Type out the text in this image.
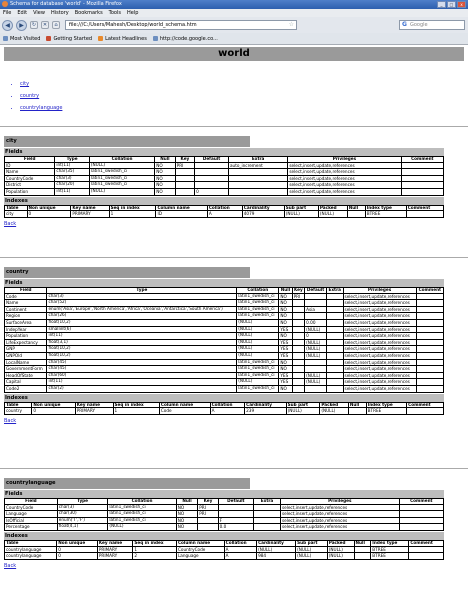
Schema for database 'world' - Mozilla Firefox	_	□	x
File Edit View History Bookmarks Tools Help
◀	▶	↻	✕	⌂	file:///C:/Users/Mahesh/Desktop/world_schema.htm	☆	G Google
Most Visited	Getting Started	Latest Headlines	http://code.google.co...
world
• city
• country
• countrylanguage
city
Fields
Field	Type	Collation	Null	Key	Default	Extra	Privileges	Comment
ID	int(11)	(NULL)	NO	PRI		auto_increment	select,insert,update,references	
Name	char(35)	latin1_swedish_ci	NO				select,insert,update,references	
CountryCode	char(3)	latin1_swedish_ci	NO				select,insert,update,references	
District	char(20)	latin1_swedish_ci	NO				select,insert,update,references	
Population	int(11)	(NULL)	NO		0		select,insert,update,references	
Indexes
Table	Non unique	Key name	Seq in index	Column name	Collation	Cardinality	Sub part	Packed	Null	Index type	Comment
city	0	PRIMARY	1	ID	A	4079	(NULL)	(NULL)		BTREE	
Back
country
Fields
Field	Type	Collation	Null	Key	Default	Extra	Privileges	Comment
Code	char(3)	latin1_swedish_ci	NO	PRI			select,insert,update,references	
Name	char(52)	latin1_swedish_ci	NO				select,insert,update,references	
Continent	enum('Asia','Europe','North America','Africa','Oceania','Antarctica','South America')	latin1_swedish_ci	NO		Asia		select,insert,update,references	
Region	char(26)	latin1_swedish_ci	NO				select,insert,update,references	
SurfaceArea	float(10,2)	(NULL)	NO		0.00		select,insert,update,references	
IndepYear	smallint(6)	(NULL)	YES		(NULL)		select,insert,update,references	
Population	int(11)	(NULL)	NO		0		select,insert,update,references	
LifeExpectancy	float(3,1)	(NULL)	YES		(NULL)		select,insert,update,references	
GNP	float(10,2)	(NULL)	YES		(NULL)		select,insert,update,references	
GNPOld	float(10,2)	(NULL)	YES		(NULL)		select,insert,update,references	
LocalName	char(45)	latin1_swedish_ci	NO				select,insert,update,references	
GovernmentForm	char(45)	latin1_swedish_ci	NO				select,insert,update,references	
HeadOfState	char(60)	latin1_swedish_ci	YES		(NULL)		select,insert,update,references	
Capital	int(11)	(NULL)	YES		(NULL)		select,insert,update,references	
Code2	char(2)	latin1_swedish_ci	NO				select,insert,update,references	
Indexes
Table	Non unique	Key name	Seq in index	Column name	Collation	Cardinality	Sub part	Packed	Null	Index type	Comment
country	0	PRIMARY	1	Code	A	239	(NULL)	(NULL)		BTREE	
Back
countrylanguage
Fields
Field	Type	Collation	Null	Key	Default	Extra	Privileges	Comment
CountryCode	char(3)	latin1_swedish_ci	NO	PRI			select,insert,update,references	
Language	char(30)	latin1_swedish_ci	NO	PRI			select,insert,update,references	
IsOfficial	enum('T','F')	latin1_swedish_ci	NO		F		select,insert,update,references	
Percentage	float(4,1)	(NULL)	NO		0.0		select,insert,update,references	
Indexes
Table	Non unique	Key name	Seq in index	Column name	Collation	Cardinality	Sub part	Packed	Null	Index type	Comment
countrylanguage	0	PRIMARY	1	CountryCode	A	(NULL)	(NULL)	(NULL)		BTREE	
countrylanguage	0	PRIMARY	2	Language	A	984	(NULL)	(NULL)		BTREE	
Back
